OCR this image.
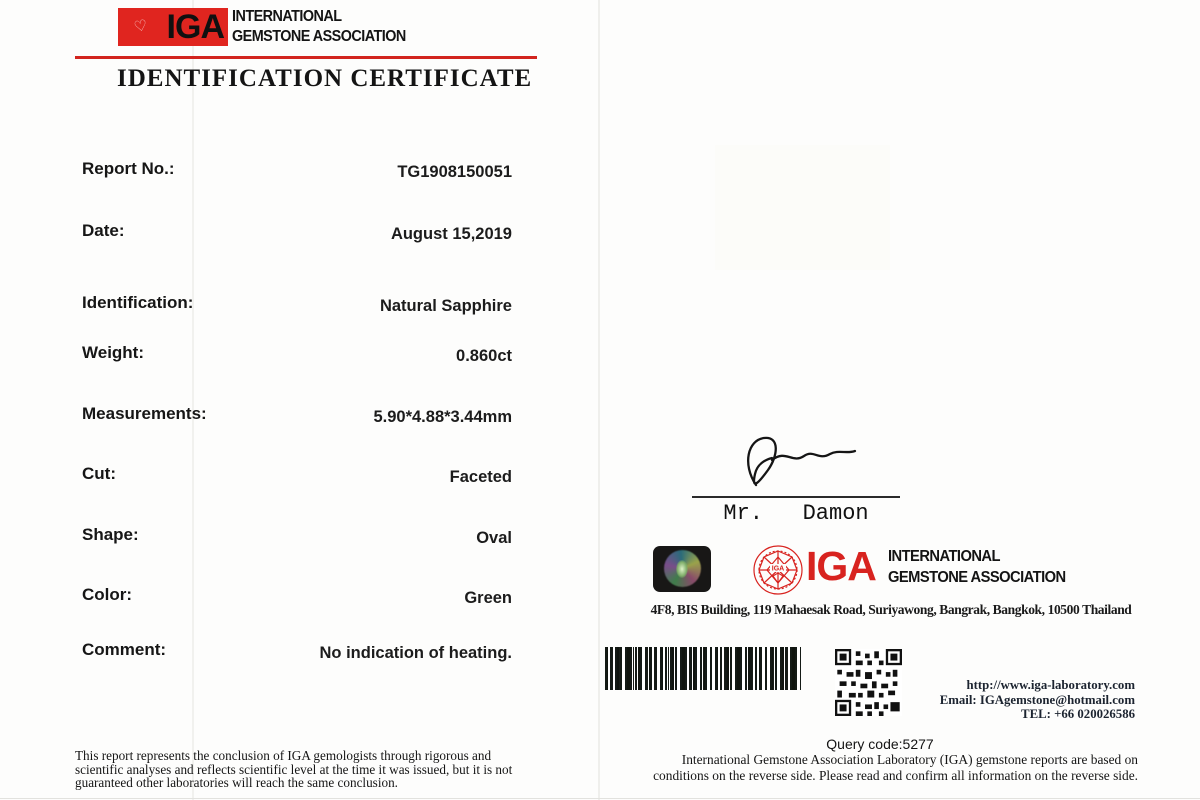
♡ IGA INTERNATIONAL
GEMSTONE ASSOCIATION
IDENTIFICATION CERTIFICATE
Report No.:	TG1908150051
Date:	August 15,2019
Identification:	Natural Sapphire
Weight:	0.860ct
Measurements:	5.90*4.88*3.44mm
Cut:	Faceted
Shape:	Oval
Color:	Green
Comment:	No indication of heating.
Mr.   Damon
IGA IGA INTERNATIONAL
GEMSTONE ASSOCIATION
4F8, BIS Building, 119 Mahaesak Road, Suriyawong, Bangrak, Bangkok, 10500 Thailand
http://www.iga-laboratory.com
Email: IGAgemstone@hotmail.com
TEL: +66 020026586
This report represents the conclusion of IGA gemologists through rigorous and scientific analyses and reflects scientific level at the time it was issued, but it is not guaranteed other laboratories will reach the same conclusion.
Query code:5277
International Gemstone Association Laboratory (IGA) gemstone reports are based on conditions on the reverse side. Please read and confirm all information on the reverse side.
